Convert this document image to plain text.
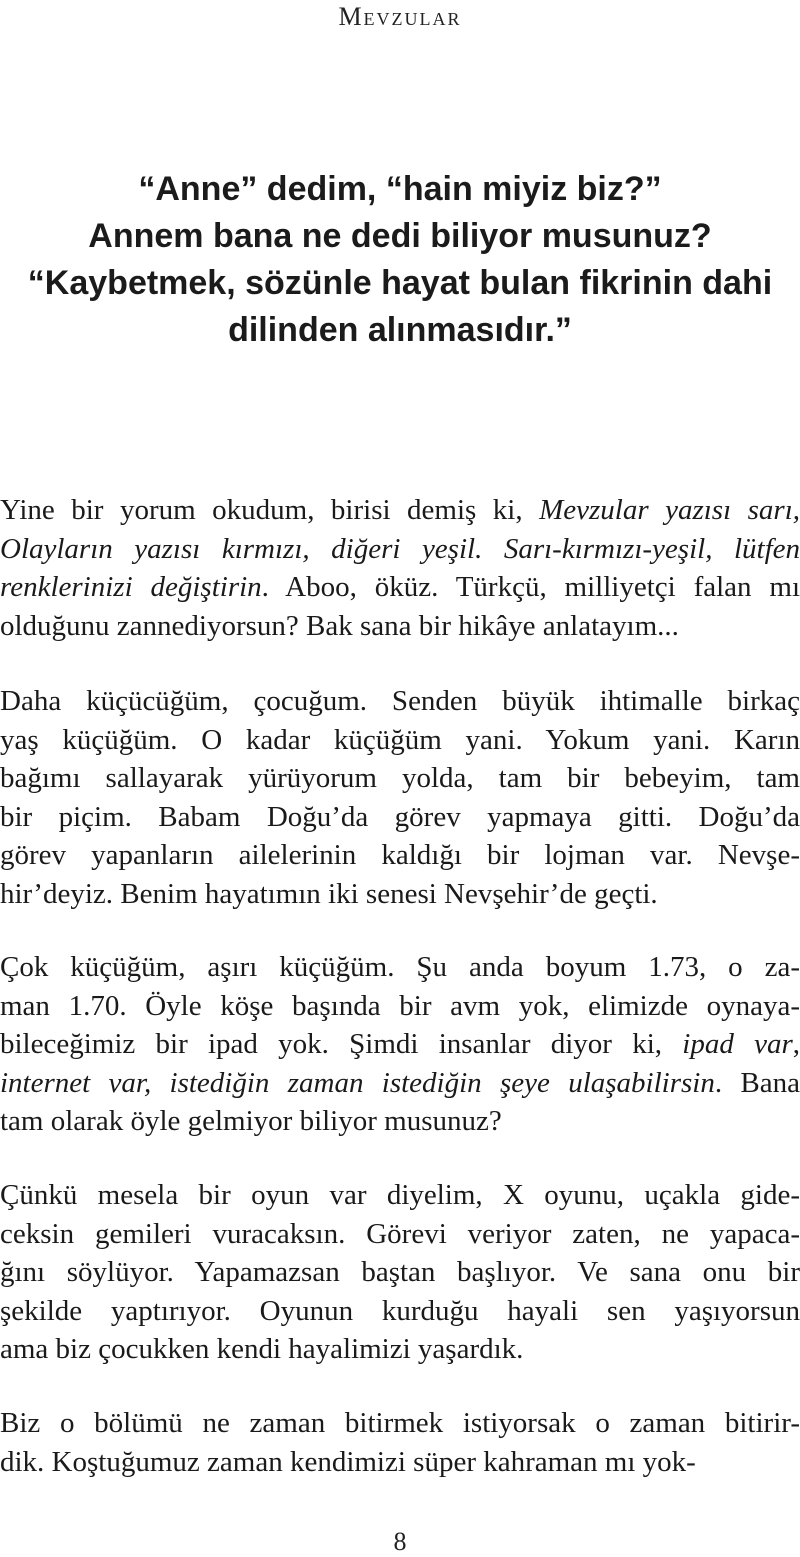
Mevzular
“Anne” dedim, “hain miyiz biz?”
Annem bana ne dedi biliyor musunuz?
“Kaybetmek, sözünle hayat bulan fikrinin dahi
dilinden alınmasıdır.”
Yine bir yorum okudum, birisi demiş ki, Mevzular yazısı sarı,
Olayların yazısı kırmızı, diğeri yeşil. Sarı-kırmızı-yeşil, lütfen
renklerinizi değiştirin. Aboo, öküz. Türkçü, milliyetçi falan mı
olduğunu zannediyorsun? Bak sana bir hikâye anlatayım...
Daha küçücüğüm, çocuğum. Senden büyük ihtimalle birkaç
yaş küçüğüm. O kadar küçüğüm yani. Yokum yani. Karın
bağımı sallayarak yürüyorum yolda, tam bir bebeyim, tam
bir piçim. Babam Doğu’da görev yapmaya gitti. Doğu’da
görev yapanların ailelerinin kaldığı bir lojman var. Nevşe-
hir’deyiz. Benim hayatımın iki senesi Nevşehir’de geçti.
Çok küçüğüm, aşırı küçüğüm. Şu anda boyum 1.73, o za-
man 1.70. Öyle köşe başında bir avm yok, elimizde oynaya-
bileceğimiz bir ipad yok. Şimdi insanlar diyor ki, ipad var,
internet var, istediğin zaman istediğin şeye ulaşabilirsin. Bana
tam olarak öyle gelmiyor biliyor musunuz?
Çünkü mesela bir oyun var diyelim, X oyunu, uçakla gide-
ceksin gemileri vuracaksın. Görevi veriyor zaten, ne yapaca-
ğını söylüyor. Yapamazsan baştan başlıyor. Ve sana onu bir
şekilde yaptırıyor. Oyunun kurduğu hayali sen yaşıyorsun
ama biz çocukken kendi hayalimizi yaşardık.
Biz o bölümü ne zaman bitirmek istiyorsak o zaman bitirir-
dik. Koştuğumuz zaman kendimizi süper kahraman mı yok-
8
